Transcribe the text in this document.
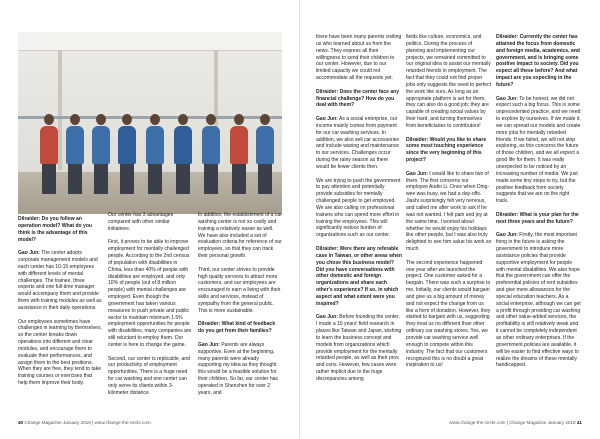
Dilraider: Do you follow an operation model? What do you think is the advantage of this model?

Gao Jun: The center adopts corporate management models and each center has 10-15 employees with different levels of mental challenges. The trainee, three experts and one full-time manager would accompany them and provide them with training modules as well as assistance in their daily operations.

Our employees sometimes have challenges in learning by themselves, so the center breaks down operations into different and clear modules, and encourage them to evaluate their performances, and assign them to the best positions. When they are free, they tend to take training courses or exercises that help them improve their body.

Our center has 3 advantages compared with other similar initiatives:

First, it proves to be able to improve employment for mentally challenged people. According to the 2nd census of population with disabilities in China, less than 40% of people with disabilities are employed, and only 10% of people (out of 8 million people) with mental challenges are employed. Even though the government has taken various measures to push private and public sector to maintain minimum 1.5% employment opportunities for people with disabilities, many companies are still reluctant to employ them. Our center is here to change the game.

Second, our center is replicable, and our productivity of employment opportunities. There is a huge need for car washing and one center can only serve its clients within 3-kilometer distance.

In addition, the establishment of a car washing center is not so costly and training a relatively easier as well. We have also included a set of evaluation criteria for reference of our employees, so that they can track their personal growth.

Third, our center strives to provide high quality services to attract more customers, and our employees are encouraged to earn a living with their skills and services, instead of sympathy from the general public. This is more sustainable.

Dilraider: What kind of feedback do you get from their families?

Gao Jun: Parents are always supportive. Even at the beginning, many parents were already supporting my idea as they thought this would be a feasible solution for their children. So far, our center has operated in Shenzhen for over 2 years, and

40 Change Magazine January 2019 | www.change-the-circle.com

there have been many parents visiting us who learned about us from the news. They express all their willingness to send their children to our center. However, due to our limited capacity we could not accommodate all the requests yet.

Dilraider: Does the center face any financial challenge? How do you deal with them?

Gao Jun: As a social enterprise, our income mainly comes from payment for our car washing services. In addition, we also sell car accessories and include waxing and maintenance to our services. Challenges occur during the rainy season as there would be fewer clients then.

We are trying to push the government to pay attention and potentially provide subsidies for mentally challenged people to get employed. We are also calling on professional trainers who can spend more effort in training the employees. This will significantly reduce burden of organizations such as our center.

Dilraider: Were there any referable case in Taiwan, or other areas when you chose this business model? Did you have conversations with other domestic and foreign organizations and share each other's experience? If so, in which aspect and what extent were you inspired?

Gao Jun: Before founding the center, I made a 15 years' field research in places like Taiwan and Japan, wishing to learn the business concept and models from organizations which provide employment for the mentally retarded people, as well as their pros and cons. However, few cases were rather implicit due to the huge discrepancies among

fields like culture, economics, and politics. During the process of planning and implementing our projects, we remained committed to our original idea to assist our mentally retarded friends in employment. The fact that they could not find proper jobs only suggests the need to perfect the work like ours. As long as an appropriate platform is set for them, they can also do a good job; they are capable of creating social values by their hard, and turning themselves from beneficiaries to contributors!

Dilraider: Would you like to share some most touching experience since the very beginning of this project?

Gao Jun: I would like to share two of them. The first concerns our employee Audio Li. Once when Ding-wee was busy, we had a day-offs. Jiashi surprisingly felt very nervous, and called me after work to ask if he was not wanted. I felt pain and joy at the same time. I worried about whether he would enjoy his holidays like other people, but I was also truly delighted to see him value his work so much.

The second experience happened one year after we launched the project. One customer asked for a bargain. There was such a surprise to me. Initially, our clients would bargain and give us a big amount of money and not expect the change from us like a form of donation. However, they started to bargain with us, suggesting they treat us no different than other ordinary car washing stores. Yes, we provide car washing service well enough to compete within this industry. The fact that our customers recognized this is no doubt a great inspiration to us!

Dilraider: Currently the center has attained the focus from domestic and foreign media, academics, and government, and is bringing some positive impact to society. Did you expect all these before? And what impact are you expecting in the future?

Gao Jun: To be honest, we did not expect such a big focus. This is some unprecedented practice, and we need to explore by ourselves. If we made it, we can spread our models and create more jobs for mentally retarded friends. If we failed, we will not stop exploring, as this concerns the future of those children, and we all expect a good life for them. It was really unexpected to be noticed by an increasing number of media. We just made some tiny steps to try, but the positive feedback from society suggests that we are on the right track.

Dilraider: What is your plan for the next three years and the future?

Gao Jun: Firstly, the most important thing in the future is asking the government to introduce more assistance policies that provide supportive employment for people with mental disabilities. We also hope that the government can offer the preferential policies of rent subsidies and give more allowances for the special education teachers. As a social enterprise, although we can get a profit through providing car washing and other value-added services, the profitability is still relatively weak and it cannot be completely independent as other ordinary enterprises. If the government policies are available, it will be easier to find effective ways to realize the dreams of these mentally handicapped.

www.change-the-circle.com | Change Magazine January 2019 41
